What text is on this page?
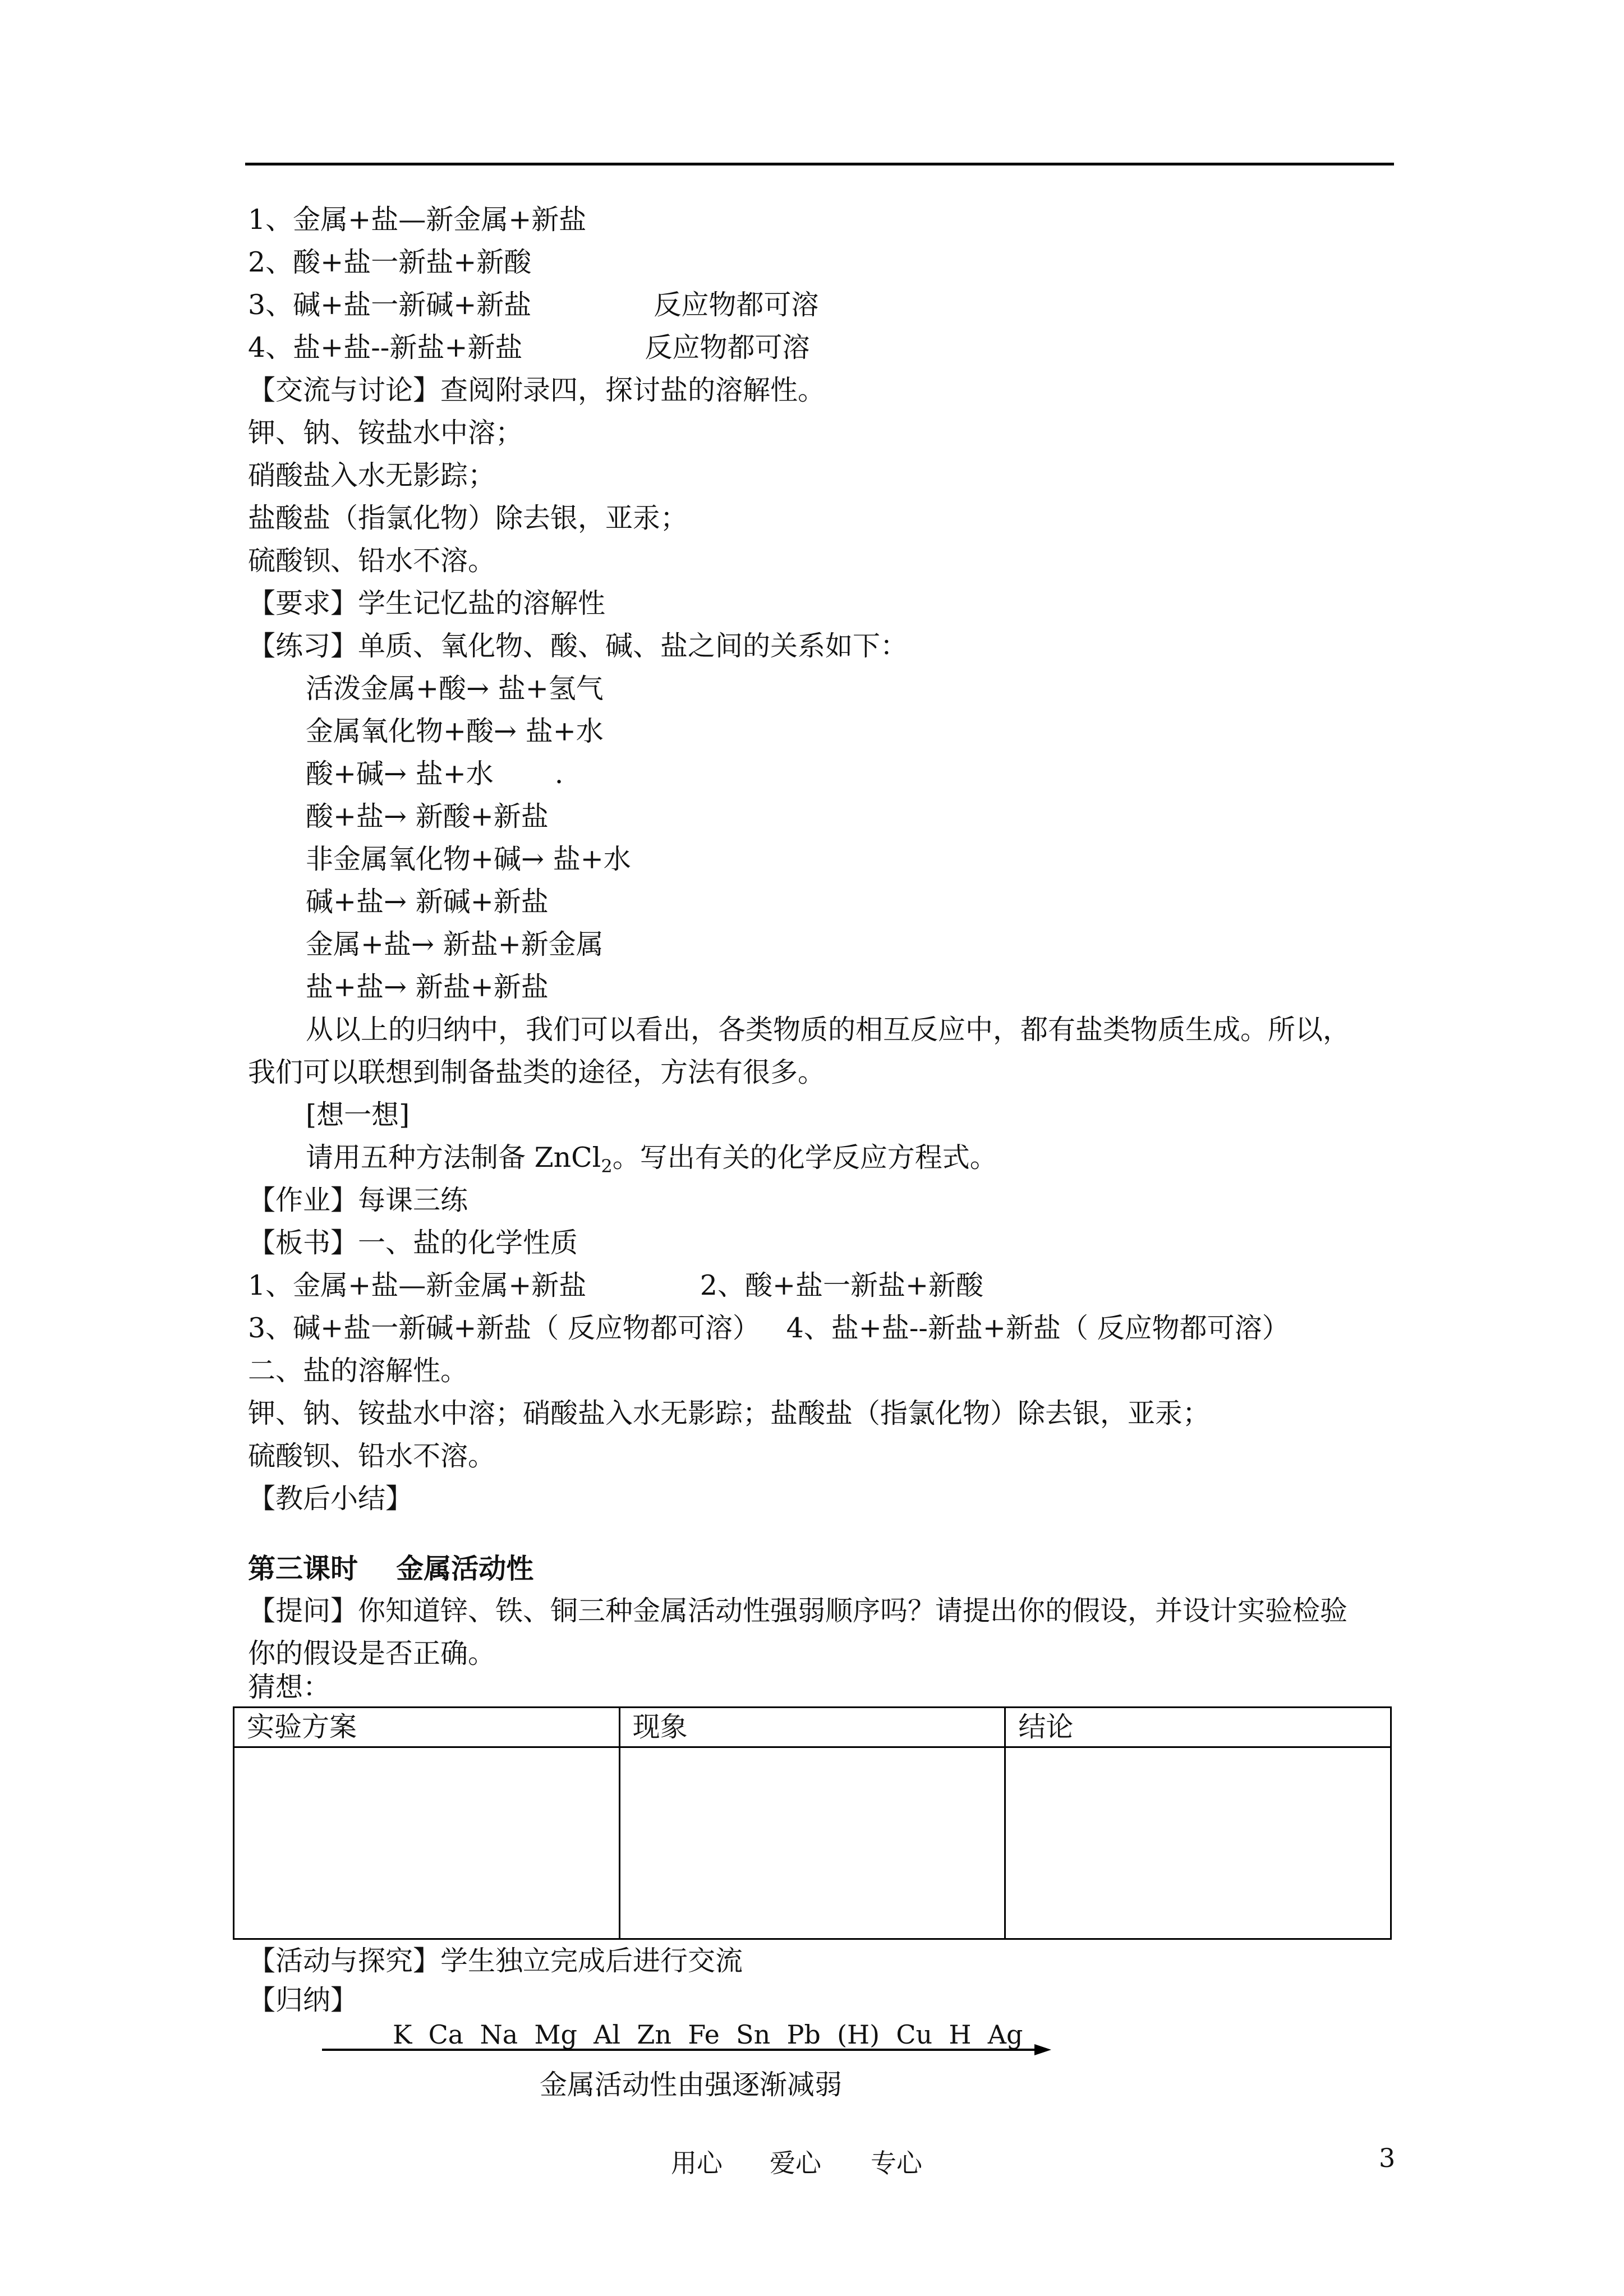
1、金属+盐—新金属+新盐
2、酸+盐一新盐+新酸
3、碱+盐一新碱+新盐              反应物都可溶
4、盐+盐--新盐+新盐              反应物都可溶
【交流与讨论】查阅附录四，探讨盐的溶解性。
钾、钠、铵盐水中溶；
硝酸盐入水无影踪；
盐酸盐（指氯化物）除去银，亚汞；
硫酸钡、铅水不溶。
【要求】学生记忆盐的溶解性
【练习】单质、氧化物、酸、碱、盐之间的关系如下：
活泼金属+酸→ 盐+氢气
金属氧化物+酸→ 盐+水
酸+碱→ 盐+水       .
酸+盐→ 新酸+新盐
非金属氧化物+碱→ 盐+水
碱+盐→ 新碱+新盐
金属+盐→ 新盐+新金属
盐+盐→ 新盐+新盐
从以上的归纳中，我们可以看出，各类物质的相互反应中，都有盐类物质生成。所以，
我们可以联想到制备盐类的途径，方法有很多。
[想一想]
请用五种方法制备 ZnCl$_2$。写出有关的化学反应方程式。
【作业】每课三练
【板书】一、盐的化学性质
1、金属+盐—新金属+新盐             2、酸+盐一新盐+新酸
3、碱+盐一新碱+新盐（ 反应物都可溶）   4、盐+盐--新盐+新盐（ 反应物都可溶）
二、盐的溶解性。
钾、钠、铵盐水中溶；硝酸盐入水无影踪；盐酸盐（指氯化物）除去银，亚汞；
硫酸钡、铅水不溶。
【教后小结】
第三课时    金属活动性
【提问】你知道锌、铁、铜三种金属活动性强弱顺序吗？请提出你的假设，并设计实验检验
你的假设是否正确。
猜想：
实验方案	现象	结论

【活动与探究】学生独立完成后进行交流
【归纳】
K  Ca  Na  Mg  Al  Zn  Fe  Sn  Pb  (H)  Cu  H  Ag
金属活动性由强逐渐减弱
用心 爱心 专心	3
